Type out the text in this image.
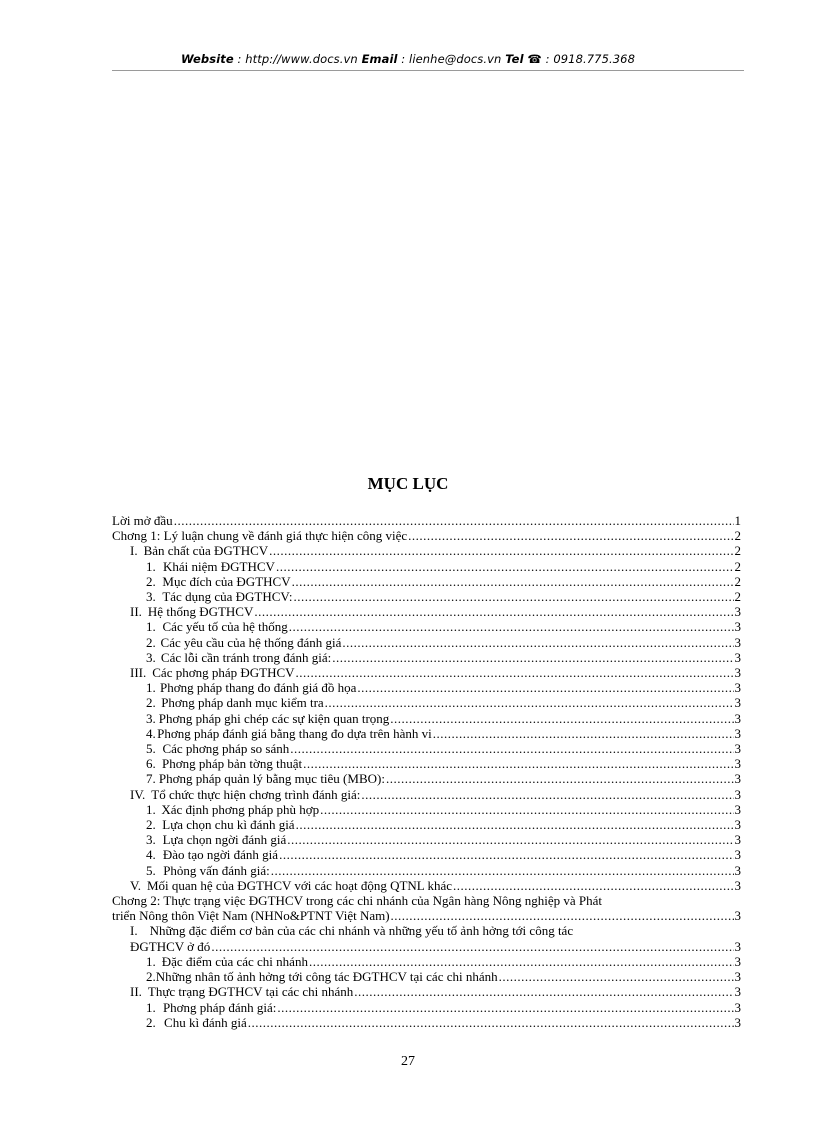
Website : http://www.docs.vn Email : lienhe@docs.vn Tel ☎ : 0918.775.368
MỤC LỤC
Lời mở đầu .....	1
Chơng 1: Lý luận chung về đánh giá thực hiện công việc .....	2
I. Bản chất của ĐGTHCV .....	2
1. Khái niệm ĐGTHCV .....	2
2. Mục đích của ĐGTHCV .....	2
3. Tác dụng của ĐGTHCV: .....	2
II. Hệ thống ĐGTHCV .....	3
1. Các yếu tố của hệ thống .....	3
2. Các yêu cầu của hệ thống đánh giá .....	3
3. Các lỗi cần tránh trong đánh giá: .....	3
III. Các phơng pháp ĐGTHCV .....	3
1. Phơng pháp thang đo đánh giá đồ họa .....	3
2. Phơng pháp danh mục kiểm tra .....	3
3. Phơng pháp ghi chép các sự kiện quan trọng .....	3
4. Phơng pháp đánh giá bằng thang đo dựa trên hành vi .....	3
5. Các phơng pháp so sánh .....	3
6. Phơng pháp bản tờng thuật .....	3
7. Phơng pháp quản lý bằng mục tiêu (MBO): .....	3
IV. Tổ chức thực hiện chơng trình đánh giá: .....	3
1. Xác định phơng pháp phù hợp .....	3
2. Lựa chọn chu kì đánh giá .....	3
3. Lựa chọn ngời đánh giá .....	3
4. Đào tạo ngời đánh giá .....	3
5. Phỏng vấn đánh giá: .....	3
V. Mối quan hệ của ĐGTHCV với các hoạt động QTNL khác .....	3
Chơng 2: Thực trạng việc ĐGTHCV trong các chi nhánh của Ngân hàng Nông nghiệp và Phát
triển Nông thôn Việt Nam (NHNo&PTNT Việt Nam) .....	3
I. Những đặc điểm cơ bản của các chi nhánh và những yếu tố ảnh hởng tới công tác
ĐGTHCV ở đó .....	3
1. Đặc điểm của các chi nhánh .....	3
2. Những nhân tố ảnh hởng tới công tác ĐGTHCV tại các chi nhánh .....	3
II. Thực trạng ĐGTHCV tại các chi nhánh .....	3
1. Phơng pháp đánh giá: .....	3
2. Chu kì đánh giá .....	3
27
